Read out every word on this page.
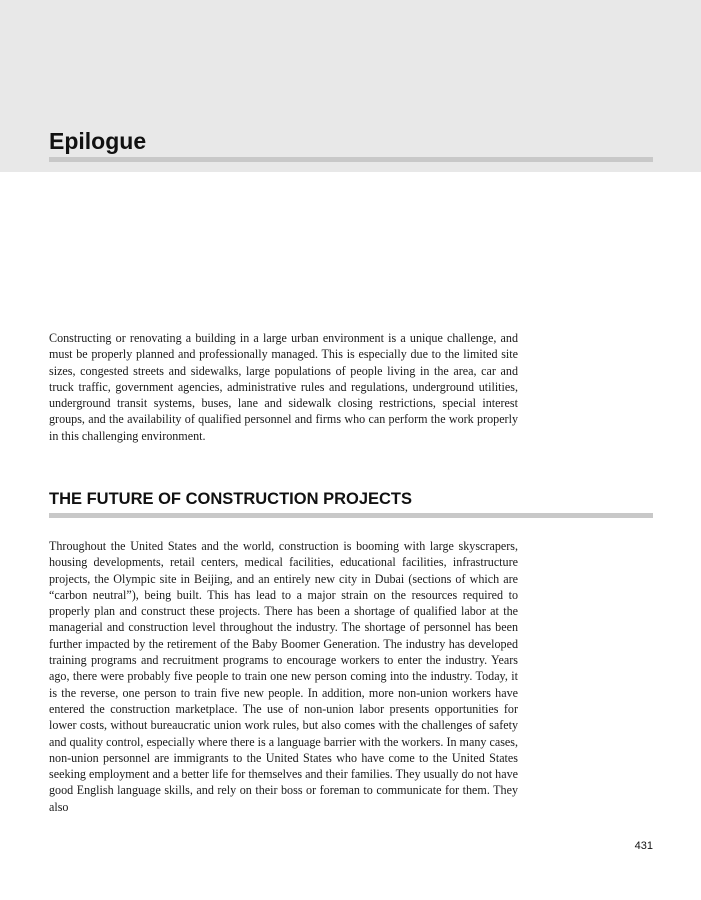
Epilogue

Constructing or renovating a building in a large urban environment is a unique challenge, and must be properly planned and professionally managed. This is especially due to the limited site sizes, congested streets and sidewalks, large populations of people living in the area, car and truck traffic, government agencies, administrative rules and regulations, underground utilities, underground transit systems, buses, lane and sidewalk closing restrictions, special interest groups, and the availability of qualified personnel and firms who can perform the work properly in this challenging environment.

THE FUTURE OF CONSTRUCTION PROJECTS

Throughout the United States and the world, construction is booming with large skyscrapers, housing developments, retail centers, medical facilities, educational facilities, infrastructure projects, the Olympic site in Beijing, and an entirely new city in Dubai (sections of which are “carbon neutral”), being built. This has lead to a major strain on the resources required to properly plan and construct these projects. There has been a shortage of qualified labor at the managerial and construction level throughout the industry. The shortage of personnel has been further impacted by the retirement of the Baby Boomer Generation. The industry has developed training programs and recruitment programs to encourage workers to enter the industry. Years ago, there were probably five people to train one new person coming into the industry. Today, it is the reverse, one person to train five new people. In addition, more non-union workers have entered the construction marketplace. The use of non-union labor presents opportunities for lower costs, without bureaucratic union work rules, but also comes with the challenges of safety and quality control, especially where there is a language barrier with the workers. In many cases, non-union personnel are immigrants to the United States who have come to the United States seeking employment and a better life for themselves and their families. They usually do not have good English language skills, and rely on their boss or foreman to communicate for them. They also

431
